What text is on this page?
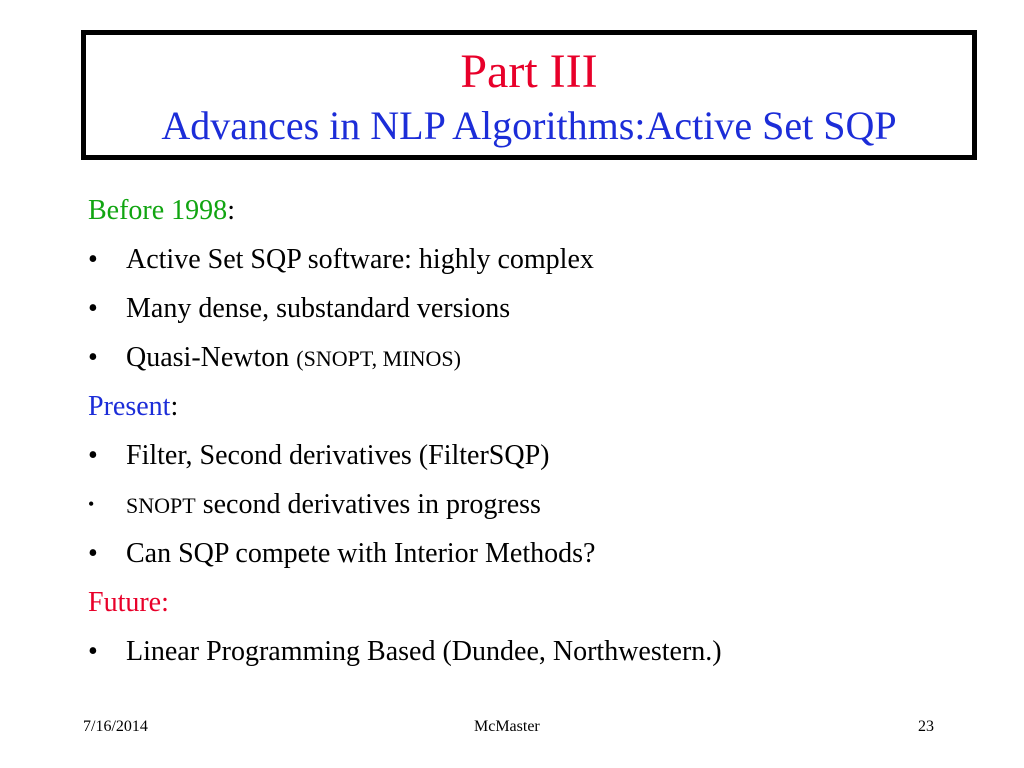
Part III
Advances in NLP Algorithms:Active Set SQP
Before 1998:
• Active Set SQP software: highly complex
• Many dense, substandard versions
• Quasi-Newton (SNOPT, MINOS)
Present:
• Filter, Second derivatives (FilterSQP)
• SNOPT second derivatives in progress
• Can SQP compete with Interior Methods?
Future:
• Linear Programming Based (Dundee, Northwestern.)
7/16/2014	McMaster	23
